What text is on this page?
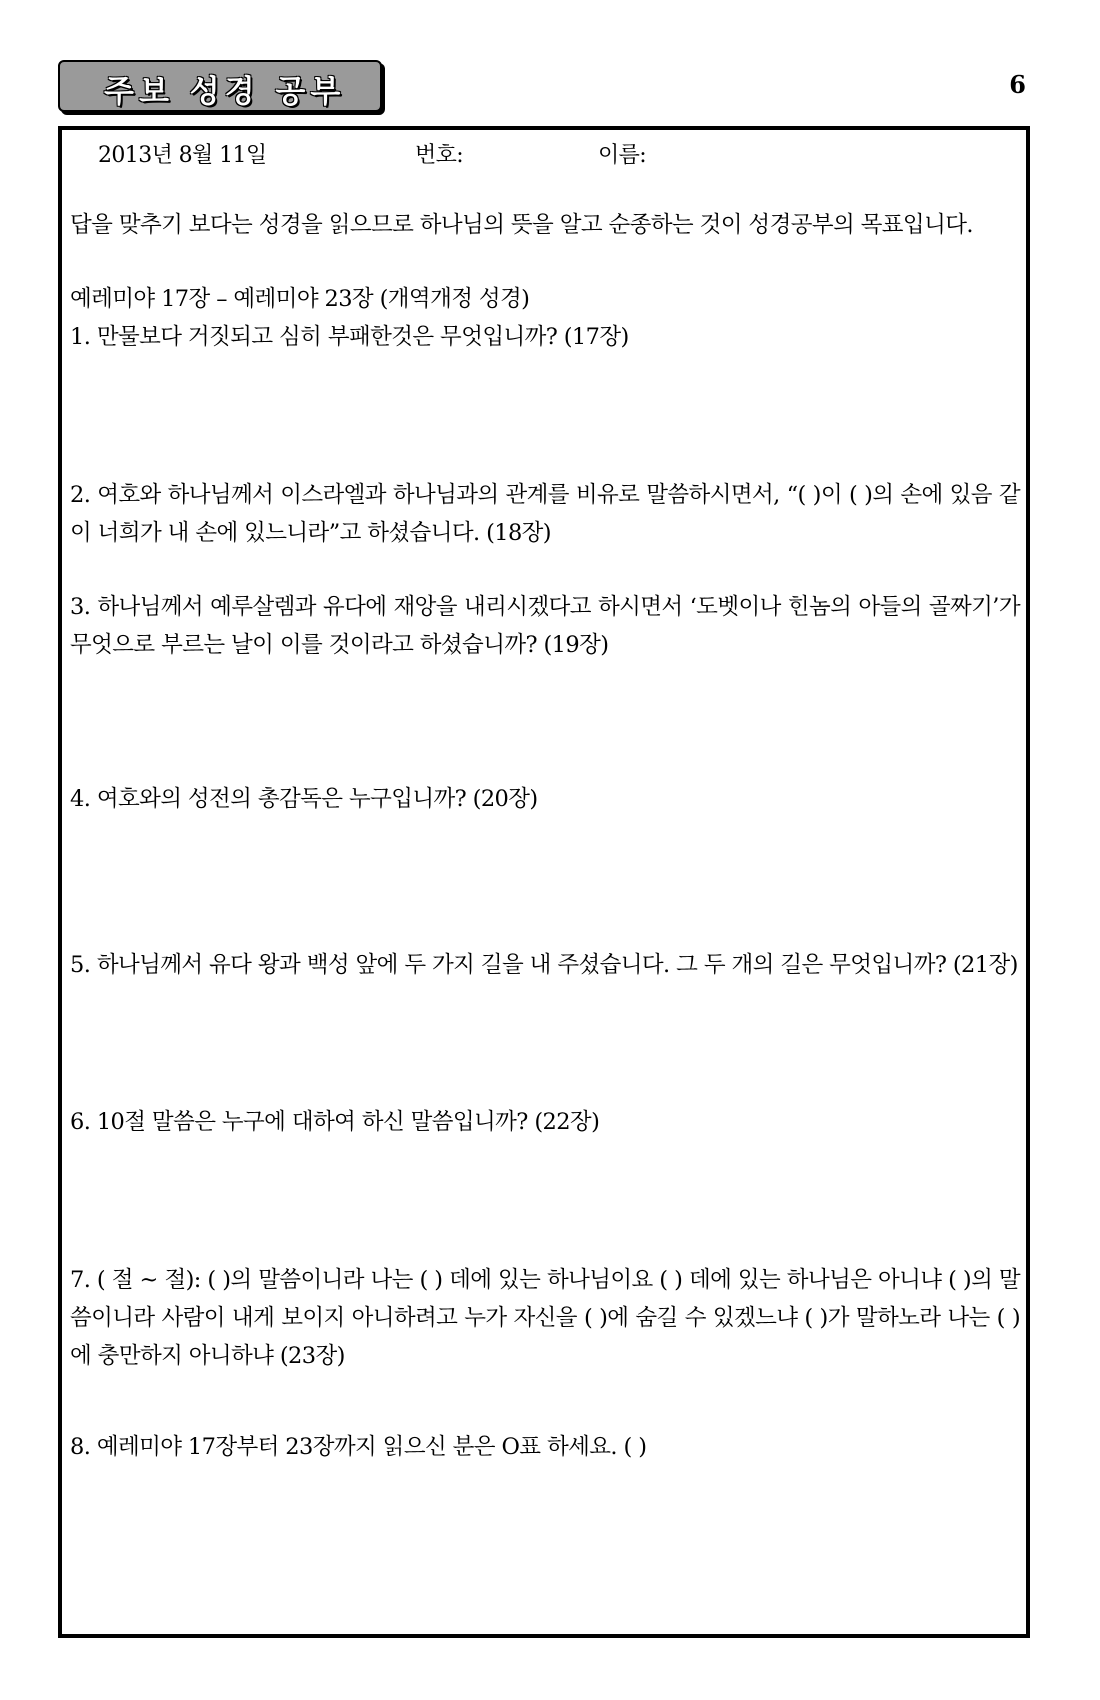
주보 성경 공부	6
2013년 8월 11일	번호:	이름:

답을 맞추기 보다는 성경을 읽으므로 하나님의 뜻을 알고 순종하는 것이 성경공부의 목표입니다.

예레미야 17장 – 예레미야 23장 (개역개정 성경)

1. 만물보다 거짓되고 심히 부패한것은 무엇입니까? (17장)

2. 여호와 하나님께서 이스라엘과 하나님과의 관계를 비유로 말씀하시면서, “( )이 ( )의 손에 있음 같이 너희가 내 손에 있느니라”고 하셨습니다. (18장)

3. 하나님께서 예루살렘과 유다에 재앙을 내리시겠다고 하시면서 ‘도벳이나 힌놈의 아들의 골짜기’가 무엇으로 부르는 날이 이를 것이라고 하셨습니까? (19장)

4. 여호와의 성전의 총감독은 누구입니까? (20장)

5. 하나님께서 유다 왕과 백성 앞에 두 가지 길을 내 주셨습니다. 그 두 개의 길은 무엇입니까? (21장)

6. 10절 말씀은 누구에 대하여 하신 말씀입니까? (22장)

7. ( 절 ~ 절): ( )의 말씀이니라 나는 ( ) 데에 있는 하나님이요 ( ) 데에 있는 하나님은 아니냐 ( )의 말씀이니라 사람이 내게 보이지 아니하려고 누가 자신을 ( )에 숨길 수 있겠느냐 ( )가 말하노라 나는 ( )에 충만하지 아니하냐 (23장)

8. 예레미야 17장부터 23장까지 읽으신 분은 O표 하세요. ( )
